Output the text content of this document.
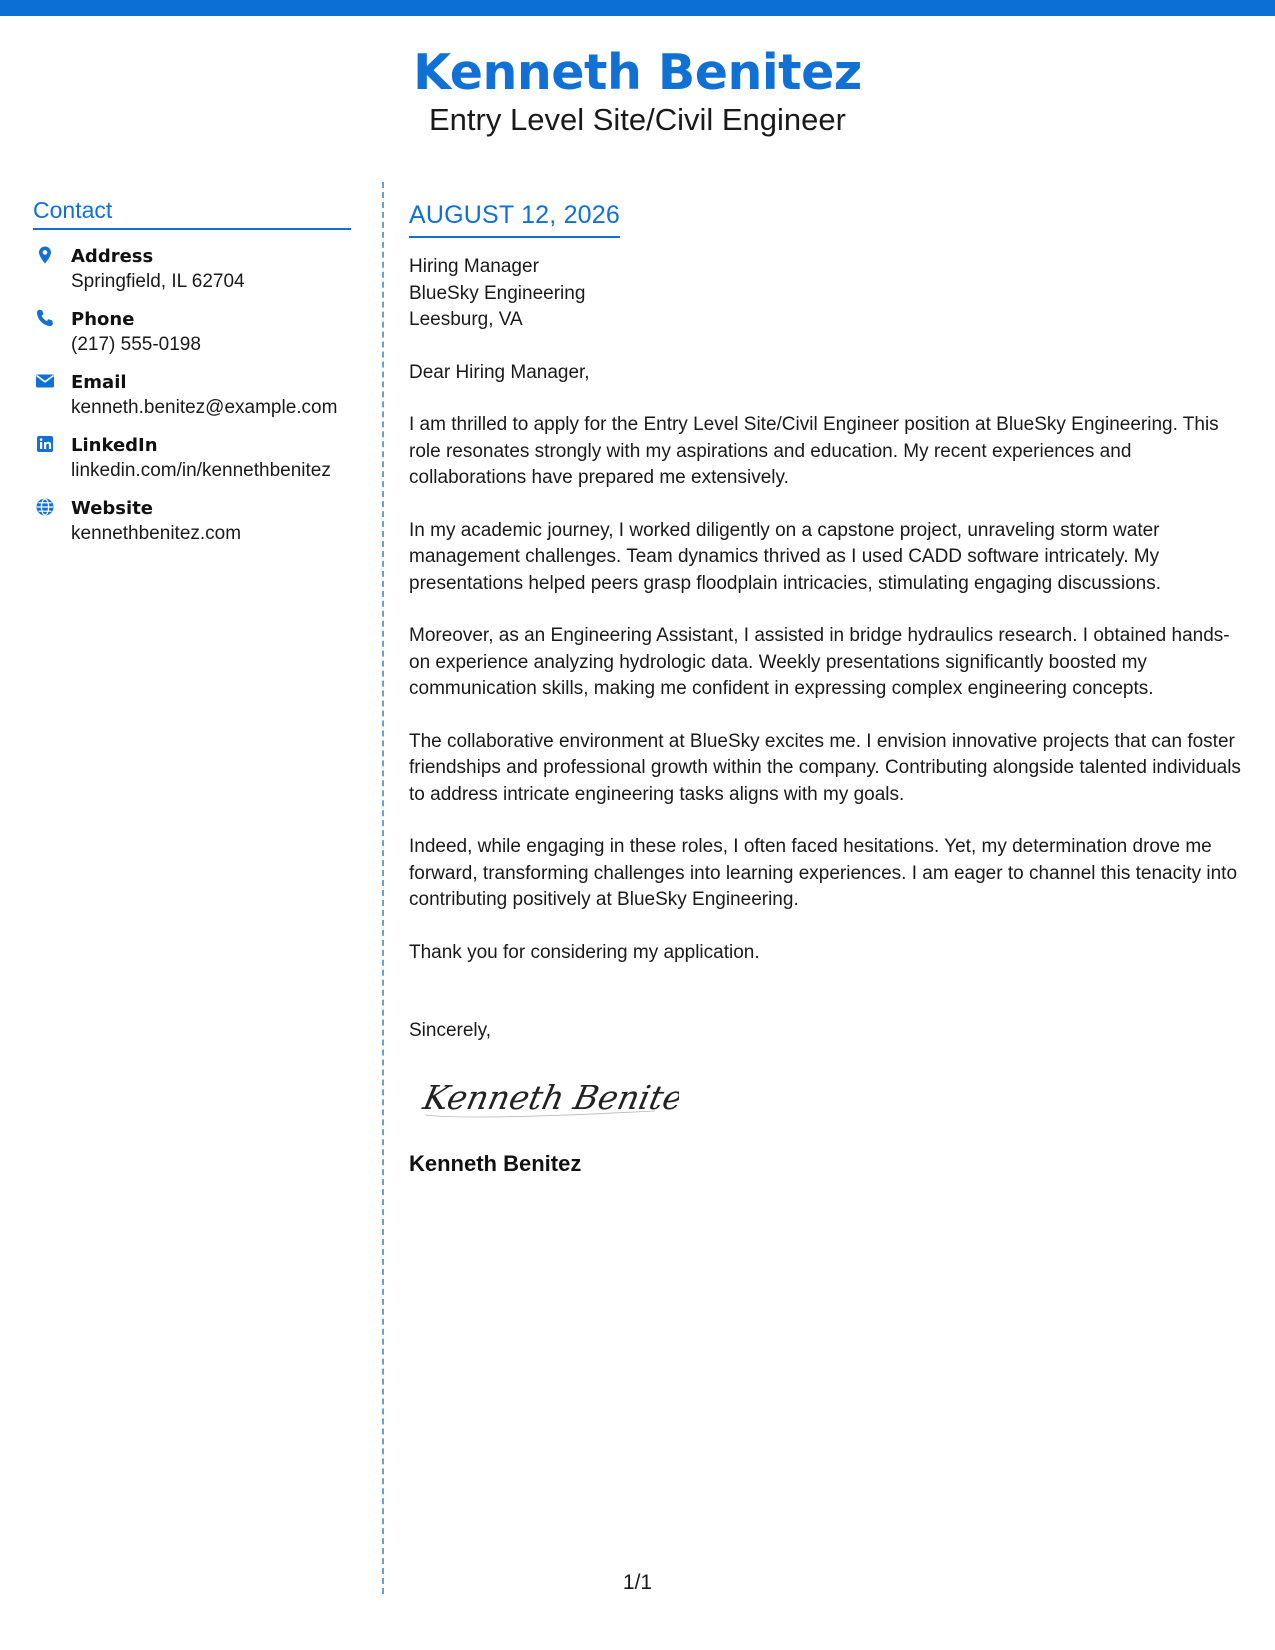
Kenneth Benitez
Entry Level Site/Civil Engineer
Contact
Address
Springfield, IL 62704
Phone
(217) 555-0198
Email
kenneth.benitez@example.com
LinkedIn
linkedin.com/in/kennethbenitez
Website
kennethbenitez.com
AUGUST 12, 2026
Hiring Manager
BlueSky Engineering
Leesburg, VA
Dear Hiring Manager,
I am thrilled to apply for the Entry Level Site/Civil Engineer position at BlueSky Engineering. This role resonates strongly with my aspirations and education. My recent experiences and collaborations have prepared me extensively.
In my academic journey, I worked diligently on a capstone project, unraveling storm water management challenges. Team dynamics thrived as I used CADD software intricately. My presentations helped peers grasp floodplain intricacies, stimulating engaging discussions.
Moreover, as an Engineering Assistant, I assisted in bridge hydraulics research. I obtained hands-on experience analyzing hydrologic data. Weekly presentations significantly boosted my communication skills, making me confident in expressing complex engineering concepts.
The collaborative environment at BlueSky excites me. I envision innovative projects that can foster friendships and professional growth within the company. Contributing alongside talented individuals to address intricate engineering tasks aligns with my goals.
Indeed, while engaging in these roles, I often faced hesitations. Yet, my determination drove me forward, transforming challenges into learning experiences. I am eager to channel this tenacity into contributing positively at BlueSky Engineering.
Thank you for considering my application.
Sincerely,
Kenneth Benitez
Kenneth Benitez
1/1
